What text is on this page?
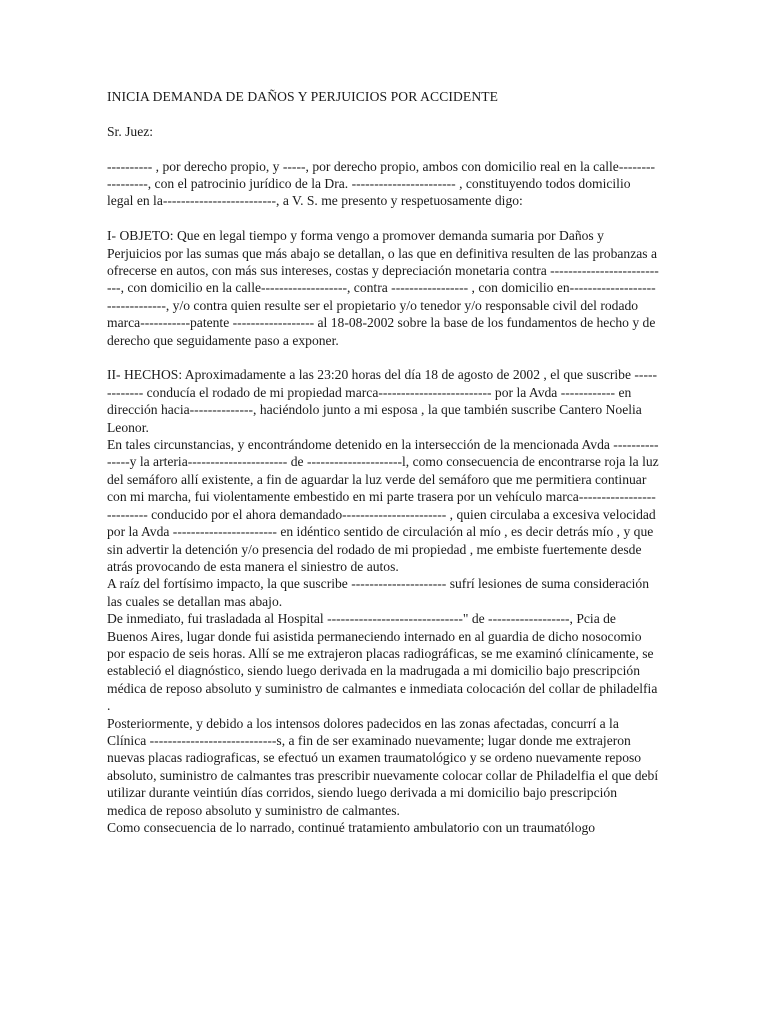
INICIA DEMANDA DE DAÑOS Y PERJUICIOS POR ACCIDENTE

Sr. Juez:

---------- , por derecho propio, y -----, por derecho propio, ambos con domicilio real en la calle-----------------, con el patrocinio jurídico de la Dra. ----------------------- , constituyendo todos domicilio legal en la-------------------------, a V. S. me presento y respetuosamente digo:

I- OBJETO: Que en legal tiempo y forma vengo a promover demanda sumaria por Daños y Perjuicios por las sumas que más abajo se detallan, o las que en definitiva resulten de las probanzas a ofrecerse en autos, con más sus intereses, costas y depreciación monetaria contra ---------------------------, con domicilio en la calle-------------------, contra ----------------- , con domicilio en--------------------------------, y/o contra quien resulte ser el propietario y/o tenedor y/o responsable civil del rodado marca-----------patente ------------------ al 18-08-2002 sobre la base de los fundamentos de hecho y de derecho que seguidamente paso a exponer.

II- HECHOS: Aproximadamente a las 23:20 horas del día 18 de agosto de 2002 , el que suscribe ------------- conducía el rodado de mi propiedad marca------------------------- por la Avda ------------ en dirección hacia--------------, haciéndolo junto a mi esposa , la que también suscribe Cantero Noelia Leonor.

En tales circunstancias, y encontrándome detenido en la intersección de la mencionada Avda ---------------y la arteria---------------------- de ---------------------l, como consecuencia de encontrarse roja la luz del semáforo allí existente, a fin de aguardar la luz verde del semáforo que me permitiera continuar con mi marcha, fui violentamente embestido en mi parte trasera por un vehículo marca-------------------------- conducido por el ahora demandado----------------------- , quien circulaba a excesiva velocidad por la Avda ----------------------- en idéntico sentido de circulación al mío , es decir detrás mío , y que sin advertir la detención y/o presencia del rodado de mi propiedad , me embiste fuertemente desde atrás provocando de esta manera el siniestro de autos.

A raíz del fortísimo impacto, la que suscribe --------------------- sufrí lesiones de suma consideración las cuales se detallan mas abajo.

De inmediato, fui trasladada al Hospital ------------------------------" de ------------------, Pcia de Buenos Aires, lugar donde fui asistida permaneciendo internado en al guardia de dicho nosocomio por espacio de seis horas. Allí se me extrajeron placas radiográficas, se me examinó clínicamente, se estableció el diagnóstico, siendo luego derivada en la madrugada a mi domicilio bajo prescripción médica de reposo absoluto y suministro de calmantes e inmediata colocación del collar de philadelfia .

Posteriormente, y debido a los intensos dolores padecidos en las zonas afectadas, concurrí a la Clínica ----------------------------s, a fin de ser examinado nuevamente; lugar donde me extrajeron nuevas placas radiograficas, se efectuó un examen traumatológico y se ordeno nuevamente reposo absoluto, suministro de calmantes tras prescribir nuevamente colocar collar de Philadelfia el que debí utilizar durante veintiún días corridos, siendo luego derivada a mi domicilio bajo prescripción medica de reposo absoluto y suministro de calmantes.

Como consecuencia de lo narrado, continué tratamiento ambulatorio con un traumatólogo
